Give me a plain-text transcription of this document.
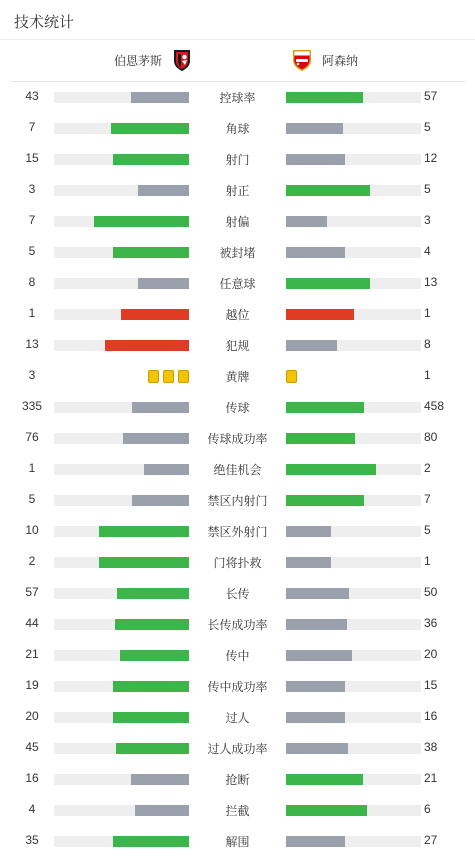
技术统计
伯恩茅斯	阿森纳
43	控球率	57
7	角球	5
15	射门	12
3	射正	5
7	射偏	3
5	被封堵	4
8	任意球	13
1	越位	1
13	犯规	8
3	黄牌	1
335	传球	458
76	传球成功率	80
1	绝佳机会	2
5	禁区内射门	7
10	禁区外射门	5
2	门将扑救	1
57	长传	50
44	长传成功率	36
21	传中	20
19	传中成功率	15
20	过人	16
45	过人成功率	38
16	抢断	21
4	拦截	6
35	解围	27
